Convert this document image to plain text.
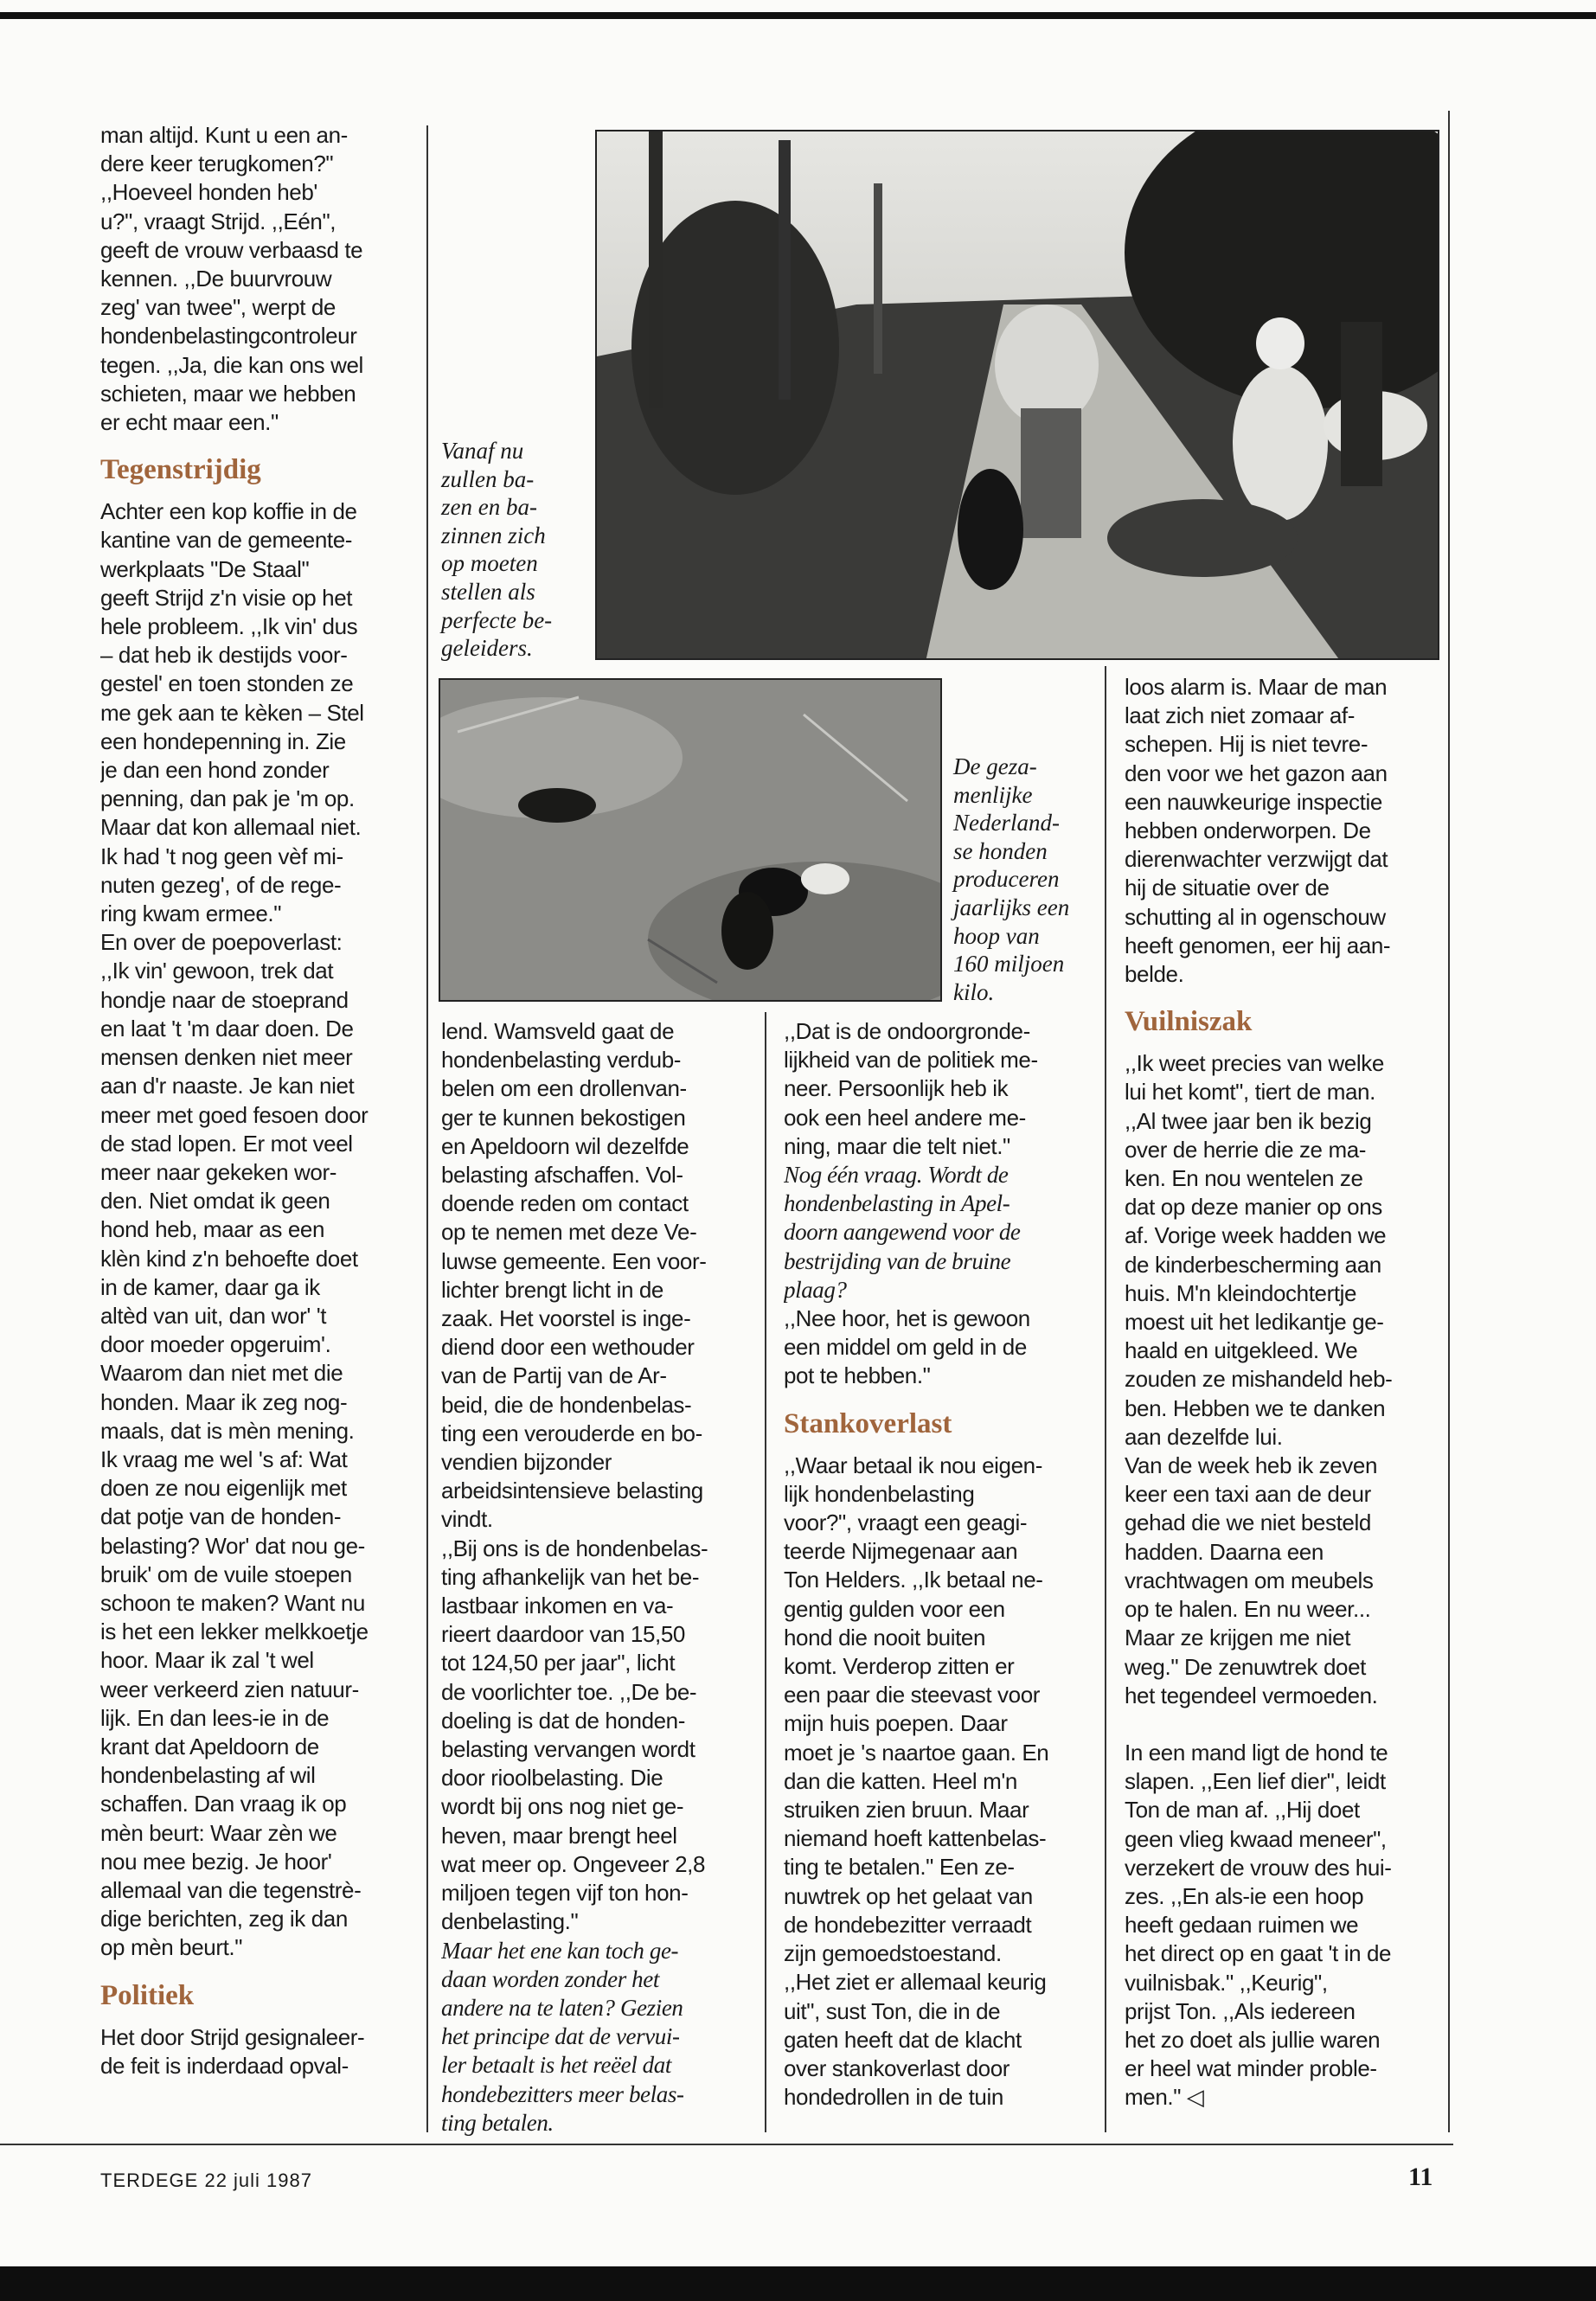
Vanaf nu
zullen ba-
zen en ba-
zinnen zich
op moeten
stellen als
perfecte be-
geleiders.
De geza-
menlijke
Nederland-
se honden
produceren
jaarlijks een
hoop van
160 miljoen
kilo.

man altijd. Kunt u een an-
dere keer terugkomen?"
,,Hoeveel honden heb'
u?", vraagt Strijd. ,,Eén",
geeft de vrouw verbaasd te
kennen. ,,De buurvrouw
zeg' van twee", werpt de
hondenbelastingcontroleur
tegen. ,,Ja, die kan ons wel
schieten, maar we hebben
er echt maar een."

Tegenstrijdig

Achter een kop koffie in de
kantine van de gemeente-
werkplaats "De Staal"
geeft Strijd z'n visie op het
hele probleem. ,,Ik vin' dus
– dat heb ik destijds voor-
gestel' en toen stonden ze
me gek aan te kèken – Stel
een hondepenning in. Zie
je dan een hond zonder
penning, dan pak je 'm op.
Maar dat kon allemaal niet.
Ik had 't nog geen vèf mi-
nuten gezeg', of de rege-
ring kwam ermee."
En over de poepoverlast:
,,Ik vin' gewoon, trek dat
hondje naar de stoeprand
en laat 't 'm daar doen. De
mensen denken niet meer
aan d'r naaste. Je kan niet
meer met goed fesoen door
de stad lopen. Er mot veel
meer naar gekeken wor-
den. Niet omdat ik geen
hond heb, maar as een
klèn kind z'n behoefte doet
in de kamer, daar ga ik
altèd van uit, dan wor' 't
door moeder opgeruim'.
Waarom dan niet met die
honden. Maar ik zeg nog-
maals, dat is mèn mening.
Ik vraag me wel 's af: Wat
doen ze nou eigenlijk met
dat potje van de honden-
belasting? Wor' dat nou ge-
bruik' om de vuile stoepen
schoon te maken? Want nu
is het een lekker melkkoetje
hoor. Maar ik zal 't wel
weer verkeerd zien natuur-
lijk. En dan lees-ie in de
krant dat Apeldoorn de
hondenbelasting af wil
schaffen. Dan vraag ik op
mèn beurt: Waar zèn we
nou mee bezig. Je hoor'
allemaal van die tegenstrè-
dige berichten, zeg ik dan
op mèn beurt."

Politiek

Het door Strijd gesignaleer-
de feit is inderdaad opval-

lend. Wamsveld gaat de
hondenbelasting verdub-
belen om een drollenvan-
ger te kunnen bekostigen
en Apeldoorn wil dezelfde
belasting afschaffen. Vol-
doende reden om contact
op te nemen met deze Ve-
luwse gemeente. Een voor-
lichter brengt licht in de
zaak. Het voorstel is inge-
diend door een wethouder
van de Partij van de Ar-
beid, die de hondenbelas-
ting een verouderde en bo-
vendien bijzonder
arbeidsintensieve belasting
vindt.
,,Bij ons is de hondenbelas-
ting afhankelijk van het be-
lastbaar inkomen en va-
rieert daardoor van 15,50
tot 124,50 per jaar", licht
de voorlichter toe. ,,De be-
doeling is dat de honden-
belasting vervangen wordt
door rioolbelasting. Die
wordt bij ons nog niet ge-
heven, maar brengt heel
wat meer op. Ongeveer 2,8
miljoen tegen vijf ton hon-
denbelasting."

Maar het ene kan toch ge-
daan worden zonder het
andere na te laten? Gezien
het principe dat de vervui-
ler betaalt is het reëel dat
hondebezitters meer belas-
ting betalen.

,,Dat is de ondoorgronde-
lijkheid van de politiek me-
neer. Persoonlijk heb ik
ook een heel andere me-
ning, maar die telt niet."

Nog één vraag. Wordt de
hondenbelasting in Apel-
doorn aangewend voor de
bestrijding van de bruine
plaag?

,,Nee hoor, het is gewoon
een middel om geld in de
pot te hebben."

Stankoverlast

,,Waar betaal ik nou eigen-
lijk hondenbelasting
voor?", vraagt een geagi-
teerde Nijmegenaar aan
Ton Helders. ,,Ik betaal ne-
gentig gulden voor een
hond die nooit buiten
komt. Verderop zitten er
een paar die steevast voor
mijn huis poepen. Daar
moet je 's naartoe gaan. En
dan die katten. Heel m'n
struiken zien bruun. Maar
niemand hoeft kattenbelas-
ting te betalen." Een ze-
nuwtrek op het gelaat van
de hondebezitter verraadt
zijn gemoedstoestand.
,,Het ziet er allemaal keurig
uit", sust Ton, die in de
gaten heeft dat de klacht
over stankoverlast door
hondedrollen in de tuin

loos alarm is. Maar de man
laat zich niet zomaar af-
schepen. Hij is niet tevre-
den voor we het gazon aan
een nauwkeurige inspectie
hebben onderworpen. De
dierenwachter verzwijgt dat
hij de situatie over de
schutting al in ogenschouw
heeft genomen, eer hij aan-
belde.

Vuilniszak

,,Ik weet precies van welke
lui het komt", tiert de man.
,,Al twee jaar ben ik bezig
over de herrie die ze ma-
ken. En nou wentelen ze
dat op deze manier op ons
af. Vorige week hadden we
de kinderbescherming aan
huis. M'n kleindochtertje
moest uit het ledikantje ge-
haald en uitgekleed. We
zouden ze mishandeld heb-
ben. Hebben we te danken
aan dezelfde lui.
Van de week heb ik zeven
keer een taxi aan de deur
gehad die we niet besteld
hadden. Daarna een
vrachtwagen om meubels
op te halen. En nu weer...
Maar ze krijgen me niet
weg." De zenuwtrek doet
het tegendeel vermoeden.

In een mand ligt de hond te
slapen. ,,Een lief dier", leidt
Ton de man af. ,,Hij doet
geen vlieg kwaad meneer",
verzekert de vrouw des hui-
zes. ,,En als-ie een hoop
heeft gedaan ruimen we
het direct op en gaat 't in de
vuilnisbak." ,,Keurig",
prijst Ton. ,,Als iedereen
het zo doet als jullie waren
er heel wat minder proble-
men." ◁

TERDEGE 22 juli 1987	11
